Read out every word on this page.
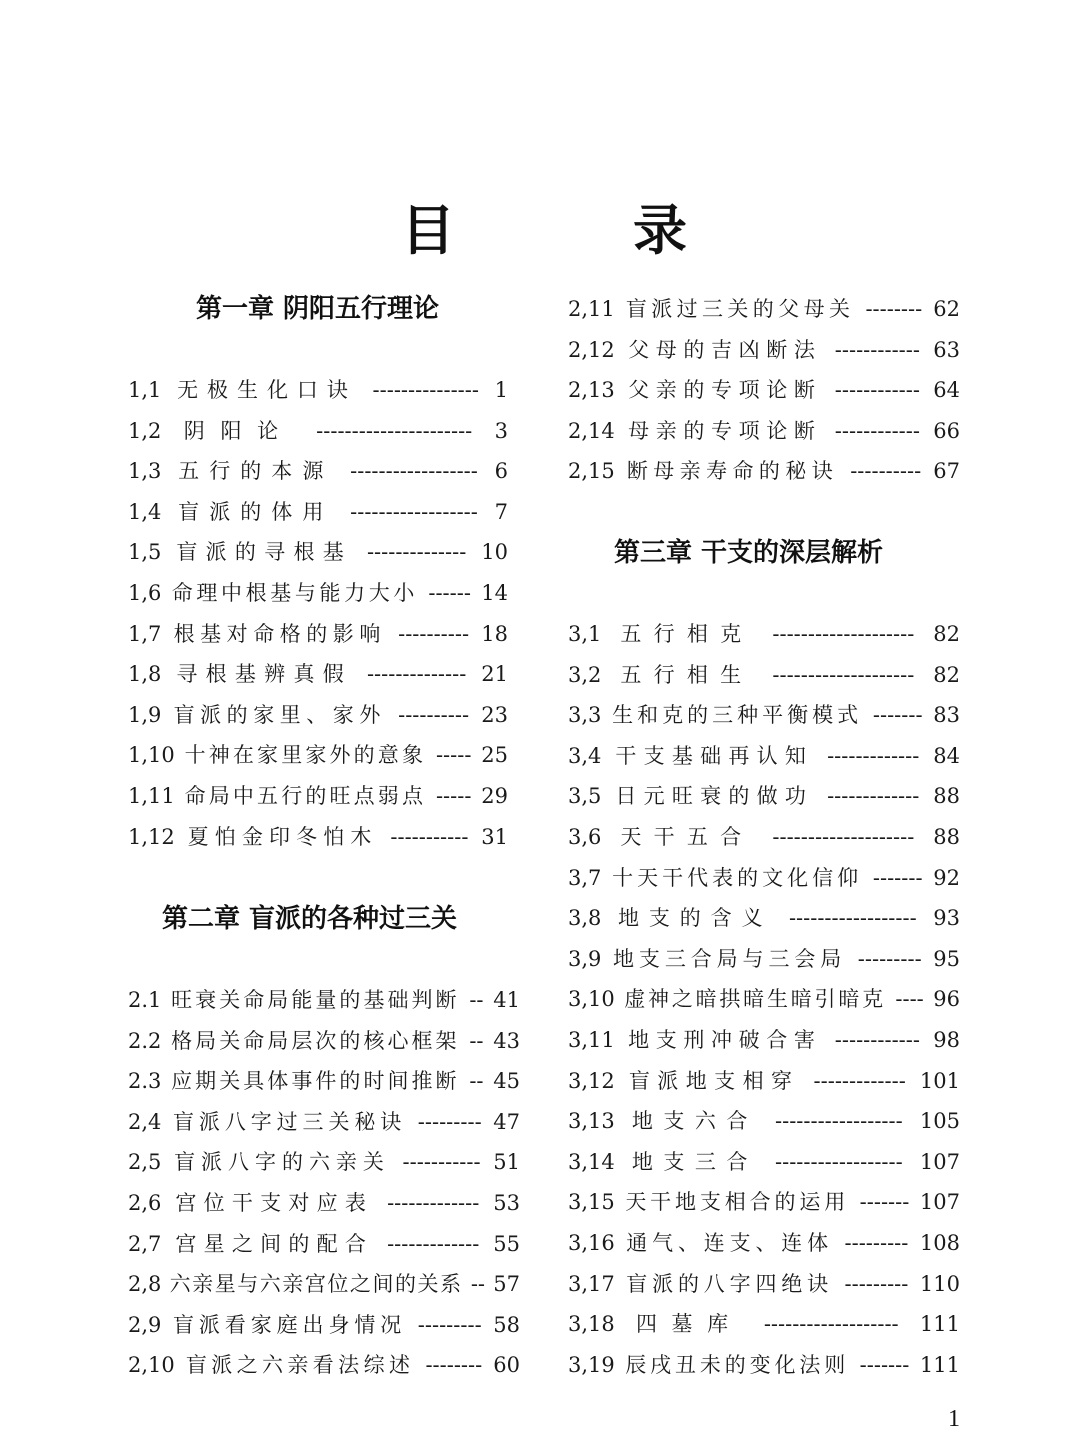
目　录
第一章 阴阳五行理论
1,1 无极生化口诀 --------------- 1
1,2 阴阳论 ---------------------- 3
1,3 五行的本源 ------------------ 6
1,4 盲派的体用 ------------------ 7
1,5 盲派的寻根基 -------------- 10
1,6 命理中根基与能力大小 ------ 14
1,7 根基对命格的影响 ---------- 18
1,8 寻根基辨真假 -------------- 21
1,9 盲派的家里、家外 ---------- 23
1,10 十神在家里家外的意象 ----- 25
1,11 命局中五行的旺点弱点 ----- 29
1,12 夏怕金印冬怕木 ----------- 31
第二章 盲派的各种过三关
2.1 旺衰关命局能量的基础判断 -- 41
2.2 格局关命局层次的核心框架 -- 43
2.3 应期关具体事件的时间推断 -- 45
2,4 盲派八字过三关秘诀 --------- 47
2,5 盲派八字的六亲关 ----------- 51
2,6 宫位干支对应表 ------------- 53
2,7 宫星之间的配合 ------------- 55
2,8 六亲星与六亲宫位之间的关系 -- 57
2,9 盲派看家庭出身情况 --------- 58
2,10 盲派之六亲看法综述 -------- 60
2,11 盲派过三关的父母关 -------- 62
2,12 父母的吉凶断法 ------------ 63
2,13 父亲的专项论断 ------------ 64
2,14 母亲的专项论断 ------------ 66
2,15 断母亲寿命的秘诀 ---------- 67
第三章 干支的深层解析
3,1 五行相克 -------------------- 82
3,2 五行相生 -------------------- 82
3,3 生和克的三种平衡模式 ------- 83
3,4 干支基础再认知 ------------- 84
3,5 日元旺衰的做功 ------------- 88
3,6 天干五合 -------------------- 88
3,7 十天干代表的文化信仰 ------- 92
3,8 地支的含义 ------------------ 93
3,9 地支三合局与三会局 --------- 95
3,10 虚神之暗拱暗生暗引暗克 ---- 96
3,11 地支刑冲破合害 ------------ 98
3,12 盲派地支相穿 ------------- 101
3,13 地支六合 ------------------ 105
3,14 地支三合 ------------------ 107
3,15 天干地支相合的运用 ------- 107
3,16 通气、连支、连体 --------- 108
3,17 盲派的八字四绝诀 --------- 110
3,18 四墓库 ------------------- 111
3,19 辰戌丑未的变化法则 ------- 111
1
